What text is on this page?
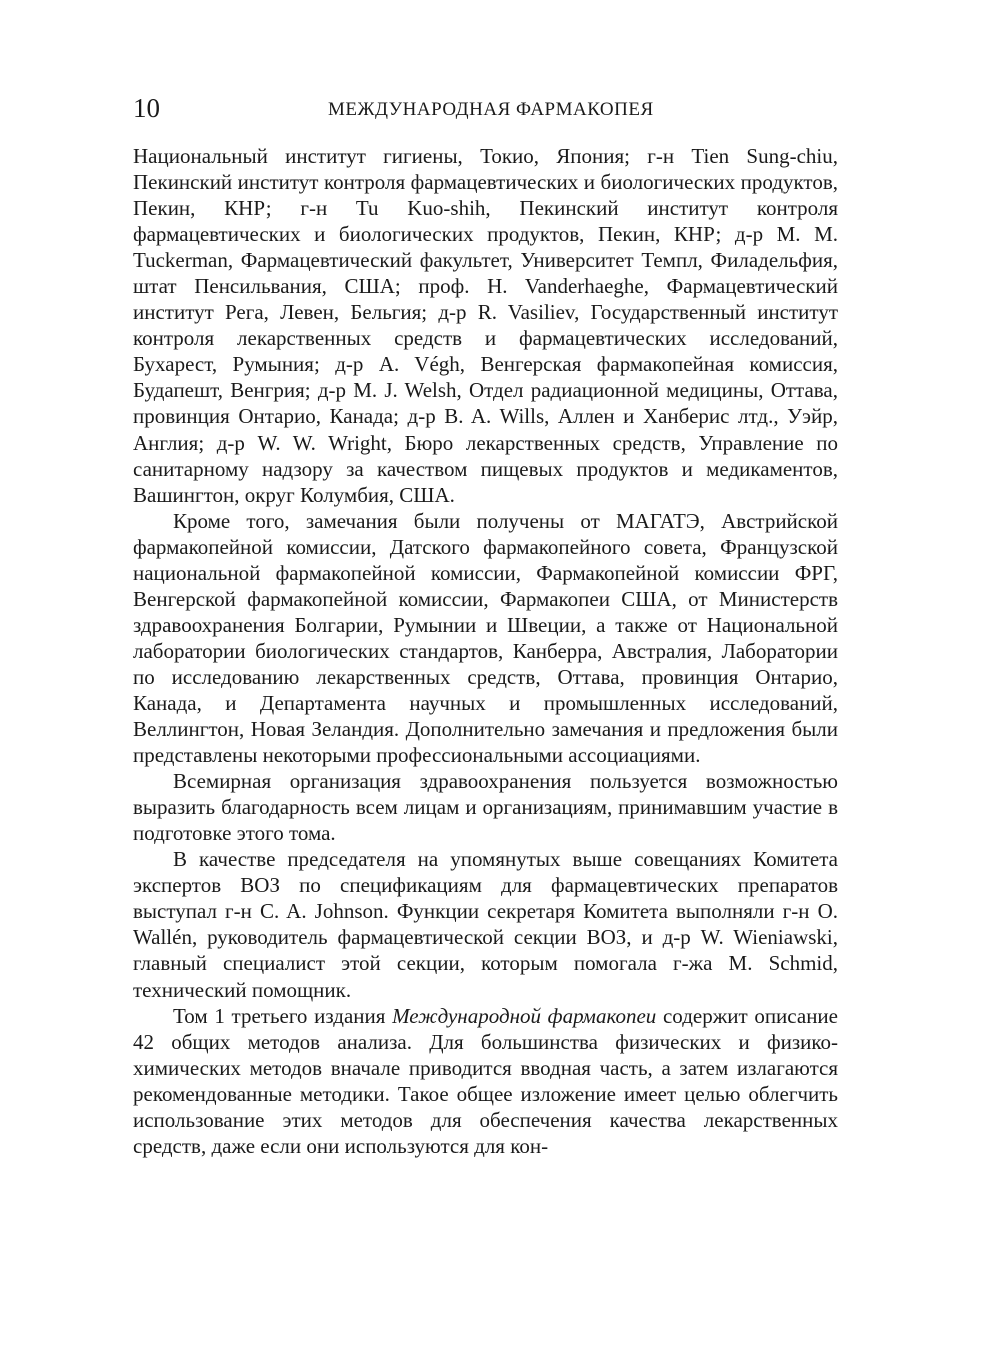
10	МЕЖДУНАРОДНАЯ ФАРМАКОПЕЯ

Национальный институт гигиены, Токио, Япония; г-н Tien Sung-chiu, Пекинский институт контроля фармацевтических и биологических продуктов, Пекин, КНР; г-н Tu Kuo-shih, Пекинский институт контроля фармацевтических и биологических продуктов, Пекин, КНР; д-р M. M. Tuckerman, Фармацевтический факультет, Университет Темпл, Филадельфия, штат Пенсильвания, США; проф. H. Vanderhaeghe, Фармацевтический институт Рега, Левен, Бельгия; д-р R. Vasiliev, Государственный институт контроля лекарственных средств и фармацевтических исследований, Бухарест, Румыния; д-р A. Végh, Венгерская фармакопейная комиссия, Будапешт, Венгрия; д-р M. J. Welsh, Отдел радиационной медицины, Оттава, провинция Онтарио, Канада; д-р B. A. Wills, Аллен и Ханберис лтд., Уэйр, Англия; д-р W. W. Wright, Бюро лекарственных средств, Управление по санитарному надзору за качеством пищевых продуктов и медикаментов, Вашингтон, округ Колумбия, США.

Кроме того, замечания были получены от МАГАТЭ, Австрийской фармакопейной комиссии, Датского фармакопейного совета, Французской национальной фармакопейной комиссии, Фармакопейной комиссии ФРГ, Венгерской фармакопейной комиссии, Фармакопеи США, от Министерств здравоохранения Болгарии, Румынии и Швеции, а также от Национальной лаборатории биологических стандартов, Канберра, Австралия, Лаборатории по исследованию лекарственных средств, Оттава, провинция Онтарио, Канада, и Департамента научных и промышленных исследований, Веллингтон, Новая Зеландия. Дополнительно замечания и предложения были представлены некоторыми профессиональными ассоциациями.

Всемирная организация здравоохранения пользуется возможностью выразить благодарность всем лицам и организациям, принимавшим участие в подготовке этого тома.

В качестве председателя на упомянутых выше совещаниях Комитета экспертов ВОЗ по спецификациям для фармацевтических препаратов выступал г-н C. A. Johnson. Функции секретаря Комитета выполняли г-н O. Wallén, руководитель фармацевтической секции ВОЗ, и д-р W. Wieniawski, главный специалист этой секции, которым помогала г-жа M. Schmid, технический помощник.

Том 1 третьего издания Международной фармакопеи содержит описание 42 общих методов анализа. Для большинства физических и физико-химических методов вначале приводится вводная часть, а затем излагаются рекомендованные методики. Такое общее изложение имеет целью облегчить использование этих методов для обеспечения качества лекарственных средств, даже если они используются для кон-
